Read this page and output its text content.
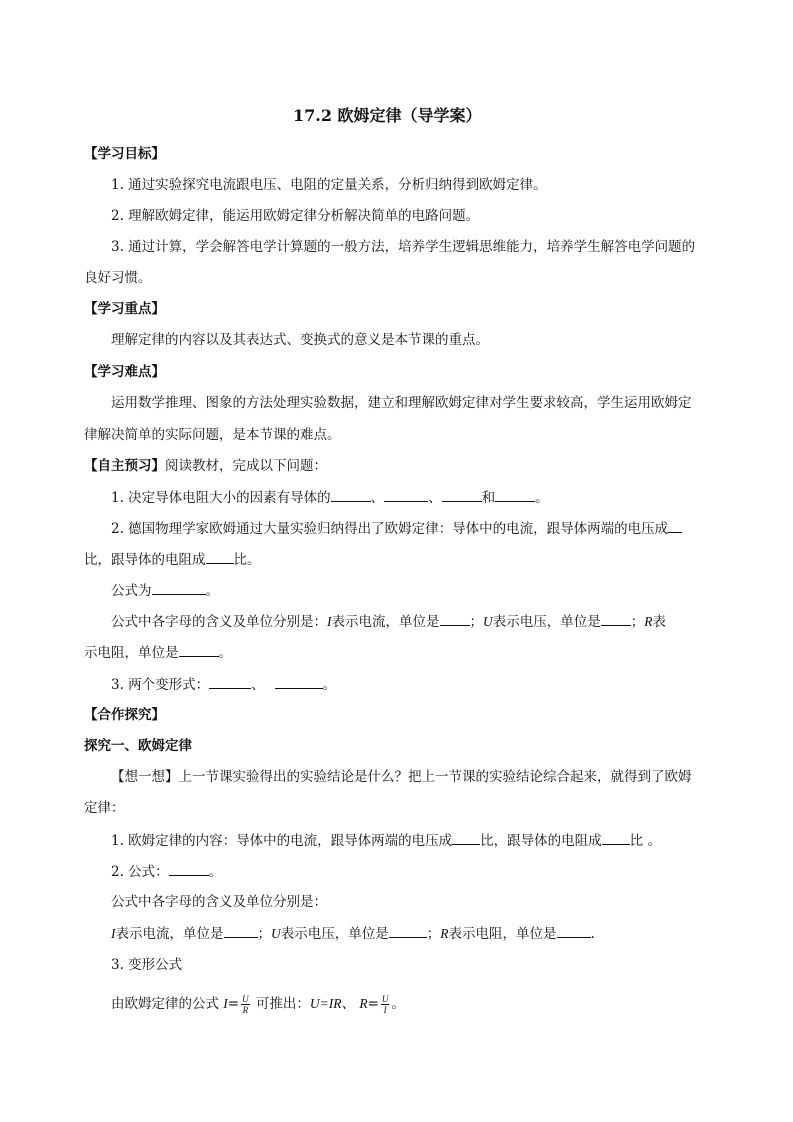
17.2 欧姆定律（导学案）
【学习目标】
1. 通过实验探究电流跟电压、电阻的定量关系，分析归纳得到欧姆定律。
2. 理解欧姆定律，能运用欧姆定律分析解决简单的电路问题。
3. 通过计算，学会解答电学计算题的一般方法，培养学生逻辑思维能力，培养学生解答电学问题的
良好习惯。
【学习重点】
理解定律的内容以及其表达式、变换式的意义是本节课的重点。
【学习难点】
运用数学推理、图象的方法处理实验数据，建立和理解欧姆定律对学生要求较高，学生运用欧姆定
律解决简单的实际问题，是本节课的难点。
【自主预习】阅读教材，完成以下问题：
1. 决定导体电阻大小的因素有导体的	、	、	和	。
2. 德国物理学家欧姆通过大量实验归纳得出了欧姆定律：导体中的电流，跟导体两端的电压成
比，跟导体的电阻成 比。
公式为	。
公式中各字母的含义及单位分别是：I表示电流，单位是 ；U表示电压，单位是 ；R表
示电阻，单位是	。
3. 两个变形式：	、	。
【合作探究】
探究一、欧姆定律
【想一想】上一节课实验得出的实验结论是什么？把上一节课的实验结论综合起来，就得到了欧姆
定律：
1. 欧姆定律的内容：导体中的电流，跟导体两端的电压成 比，跟导体的电阻成 比 。
2. 公式：	。
公式中各字母的含义及单位分别是：
I表示电流，单位是	；U表示电压，单位是	；R表示电阻，单位是	.
3. 变形公式
由欧姆定律的公式 $I= \frac{U}{R}$ 可推出：U=IR、 $R= \frac{U}{I}$ 。
